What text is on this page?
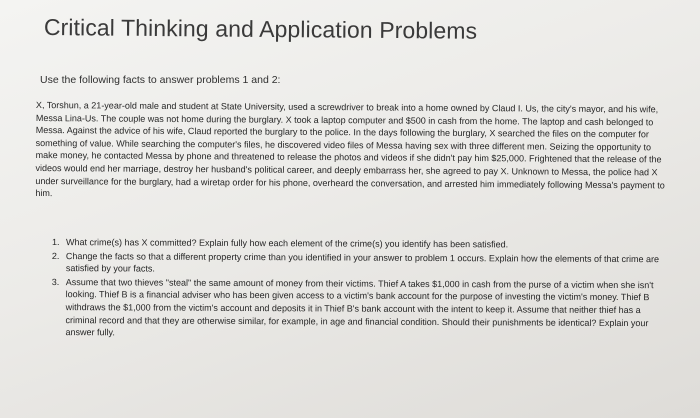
Critical Thinking and Application Problems
Use the following facts to answer problems 1 and 2:
X, Torshun, a 21-year-old male and student at State University, used a screwdriver to break into a home owned by Claud I. Us, the city's mayor, and his wife, Messa Lina-Us. The couple was not home during the burglary. X took a laptop computer and $500 in cash from the home. The laptop and cash belonged to Messa. Against the advice of his wife, Claud reported the burglary to the police. In the days following the burglary, X searched the files on the computer for something of value. While searching the computer's files, he discovered video files of Messa having sex with three different men. Seizing the opportunity to make money, he contacted Messa by phone and threatened to release the photos and videos if she didn't pay him $25,000. Frightened that the release of the videos would end her marriage, destroy her husband's political career, and deeply embarrass her, she agreed to pay X. Unknown to Messa, the police had X under surveillance for the burglary, had a wiretap order for his phone, overheard the conversation, and arrested him immediately following Messa's payment to him.
1. What crime(s) has X committed? Explain fully how each element of the crime(s) you identify has been satisfied.
2. Change the facts so that a different property crime than you identified in your answer to problem 1 occurs. Explain how the elements of that crime are satisfied by your facts.
3. Assume that two thieves "steal" the same amount of money from their victims. Thief A takes $1,000 in cash from the purse of a victim when she isn't looking. Thief B is a financial adviser who has been given access to a victim's bank account for the purpose of investing the victim's money. Thief B withdraws the $1,000 from the victim's account and deposits it in Thief B's bank account with the intent to keep it. Assume that neither thief has a criminal record and that they are otherwise similar, for example, in age and financial condition. Should their punishments be identical? Explain your answer fully.
